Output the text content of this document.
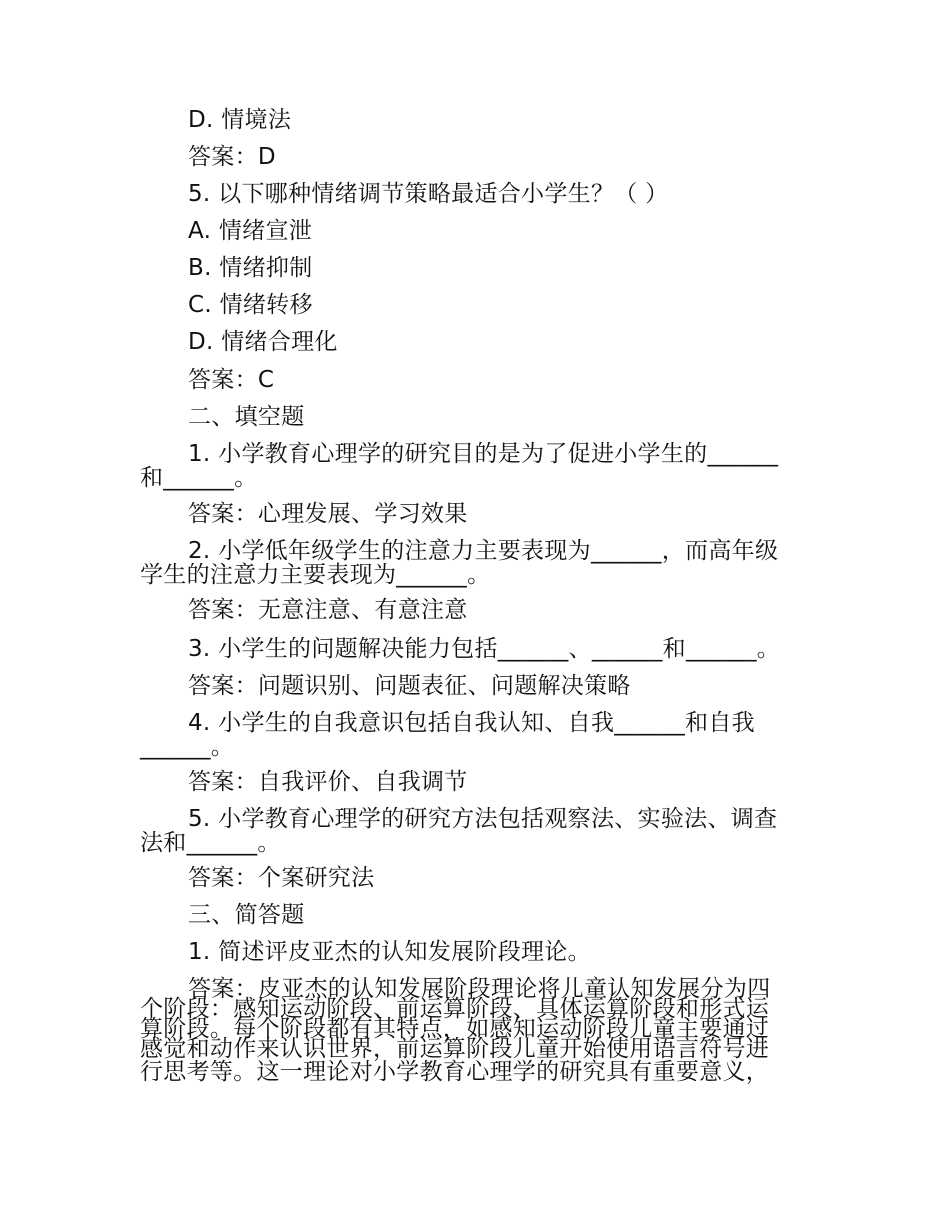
D. 情境法
答案：D
5. 以下哪种情绪调节策略最适合小学生？（ ）
A. 情绪宣泄
B. 情绪抑制
C. 情绪转移
D. 情绪合理化
答案：C
二、填空题
1. 小学教育心理学的研究目的是为了促进小学生的______
和______。
答案：心理发展、学习效果
2. 小学低年级学生的注意力主要表现为______，而高年级
学生的注意力主要表现为______。
答案：无意注意、有意注意
3. 小学生的问题解决能力包括______、______和______。
答案：问题识别、问题表征、问题解决策略
4. 小学生的自我意识包括自我认知、自我______和自我
______。
答案：自我评价、自我调节
5. 小学教育心理学的研究方法包括观察法、实验法、调查
法和______。
答案：个案研究法
三、简答题
1. 简述评皮亚杰的认知发展阶段理论。
答案：皮亚杰的认知发展阶段理论将儿童认知发展分为四
个阶段：感知运动阶段、前运算阶段、具体运算阶段和形式运
算阶段。每个阶段都有其特点，如感知运动阶段儿童主要通过
感觉和动作来认识世界，前运算阶段儿童开始使用语言符号进
行思考等。这一理论对小学教育心理学的研究具有重要意义，
